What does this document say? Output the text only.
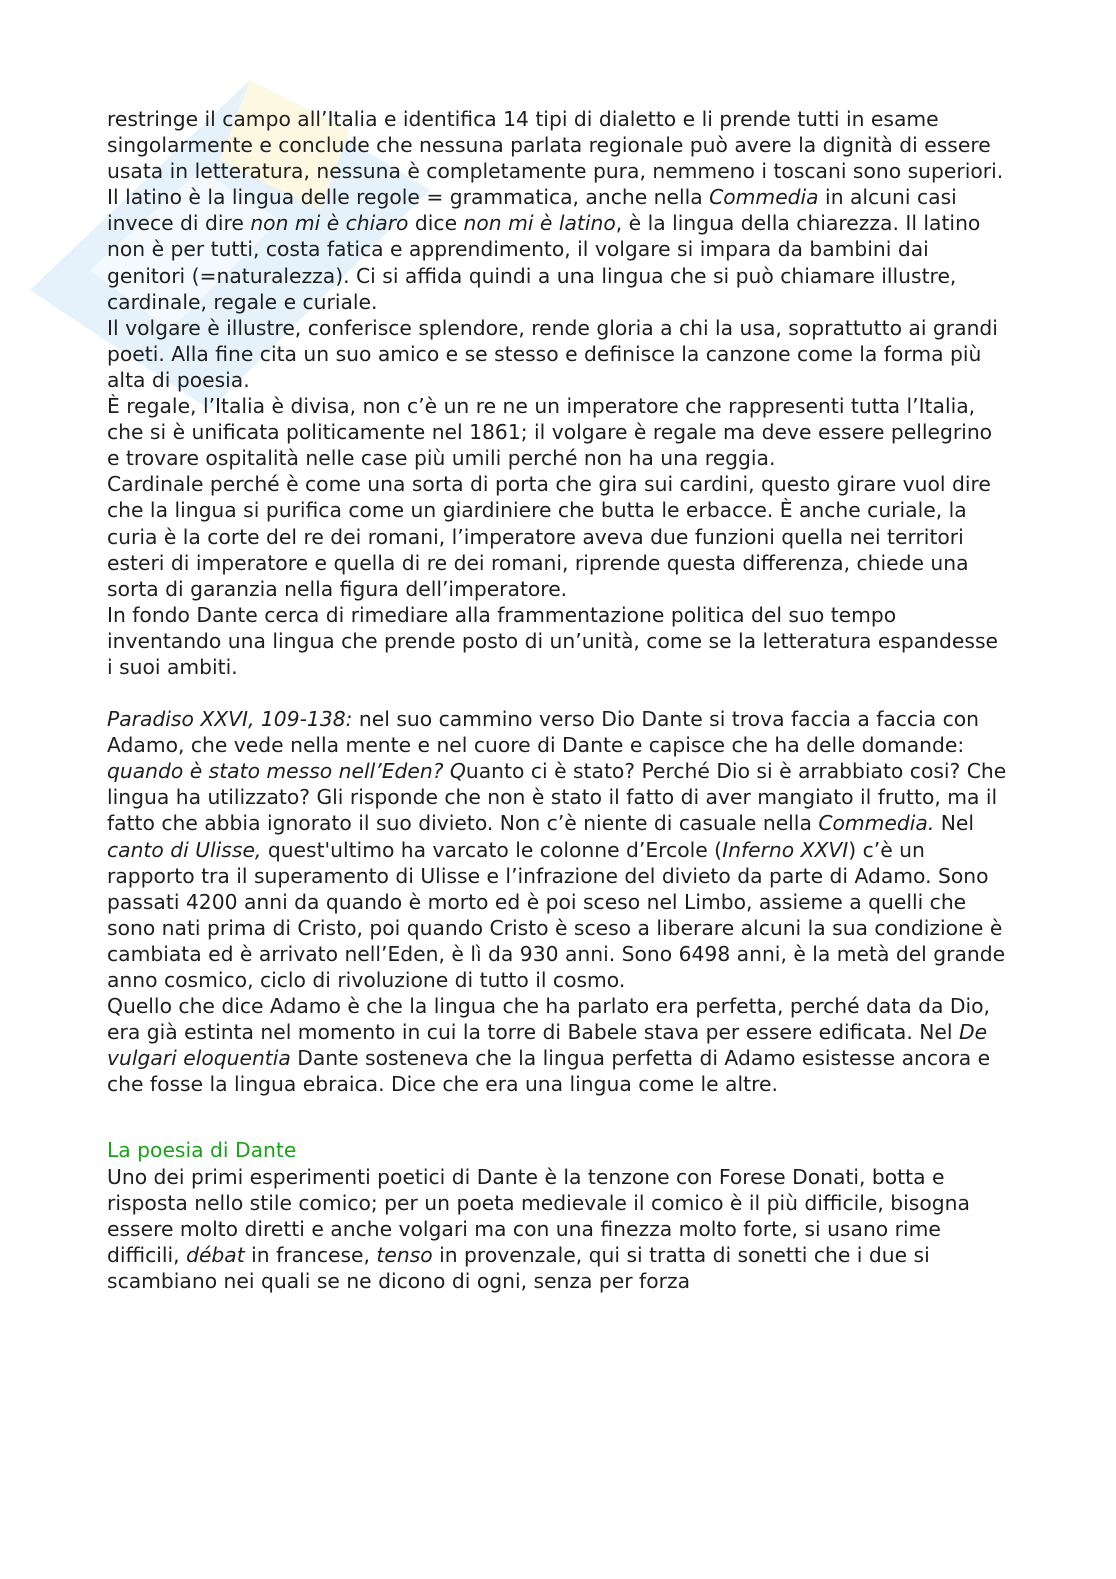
restringe il campo all’Italia e identifica 14 tipi di dialetto e li prende tutti in esame singolarmente e conclude che nessuna parlata regionale può avere la dignità di essere usata in letteratura, nessuna è completamente pura, nemmeno i toscani sono superiori.

Il latino è la lingua delle regole = grammatica, anche nella Commedia in alcuni casi invece di dire non mi è chiaro dice non mi è latino, è la lingua della chiarezza. Il latino non è per tutti, costa fatica e apprendimento, il volgare si impara da bambini dai genitori (=naturalezza). Ci si affida quindi a una lingua che si può chiamare illustre, cardinale, regale e curiale.

Il volgare è illustre, conferisce splendore, rende gloria a chi la usa, soprattutto ai grandi poeti. Alla fine cita un suo amico e se stesso e definisce la canzone come la forma più alta di poesia.

È regale, l’Italia è divisa, non c’è un re ne un imperatore che rappresenti tutta l’Italia, che si è unificata politicamente nel 1861; il volgare è regale ma deve essere pellegrino e trovare ospitalità nelle case più umili perché non ha una reggia.

Cardinale perché è come una sorta di porta che gira sui cardini, questo girare vuol dire che la lingua si purifica come un giardiniere che butta le erbacce. È anche curiale, la curia è la corte del re dei romani, l’imperatore aveva due funzioni quella nei territori esteri di imperatore e quella di re dei romani, riprende questa differenza, chiede una sorta di garanzia nella figura dell’imperatore.

In fondo Dante cerca di rimediare alla frammentazione politica del suo tempo inventando una lingua che prende posto di un’unità, come se la letteratura espandesse i suoi ambiti.

Paradiso XXVI, 109-138: nel suo cammino verso Dio Dante si trova faccia a faccia con Adamo, che vede nella mente e nel cuore di Dante e capisce che ha delle domande: quando è stato messo nell’Eden? Quanto ci è stato? Perché Dio si è arrabbiato cosi? Che lingua ha utilizzato? Gli risponde che non è stato il fatto di aver mangiato il frutto, ma il fatto che abbia ignorato il suo divieto. Non c’è niente di casuale nella Commedia. Nel canto di Ulisse, quest'ultimo ha varcato le colonne d’Ercole (Inferno XXVI) c’è un rapporto tra il superamento di Ulisse e l’infrazione del divieto da parte di Adamo. Sono passati 4200 anni da quando è morto ed è poi sceso nel Limbo, assieme a quelli che sono nati prima di Cristo, poi quando Cristo è sceso a liberare alcuni la sua condizione è cambiata ed è arrivato nell’Eden, è lì da 930 anni. Sono 6498 anni, è la metà del grande anno cosmico, ciclo di rivoluzione di tutto il cosmo.

Quello che dice Adamo è che la lingua che ha parlato era perfetta, perché data da Dio, era già estinta nel momento in cui la torre di Babele stava per essere edificata. Nel De vulgari eloquentia Dante sosteneva che la lingua perfetta di Adamo esistesse ancora e che fosse la lingua ebraica. Dice che era una lingua come le altre.

La poesia di Dante

Uno dei primi esperimenti poetici di Dante è la tenzone con Forese Donati, botta e risposta nello stile comico; per un poeta medievale il comico è il più difficile, bisogna essere molto diretti e anche volgari ma con una finezza molto forte, si usano rime difficili, débat in francese, tenso in provenzale, qui si tratta di sonetti che i due si scambiano nei quali se ne dicono di ogni, senza per forza
